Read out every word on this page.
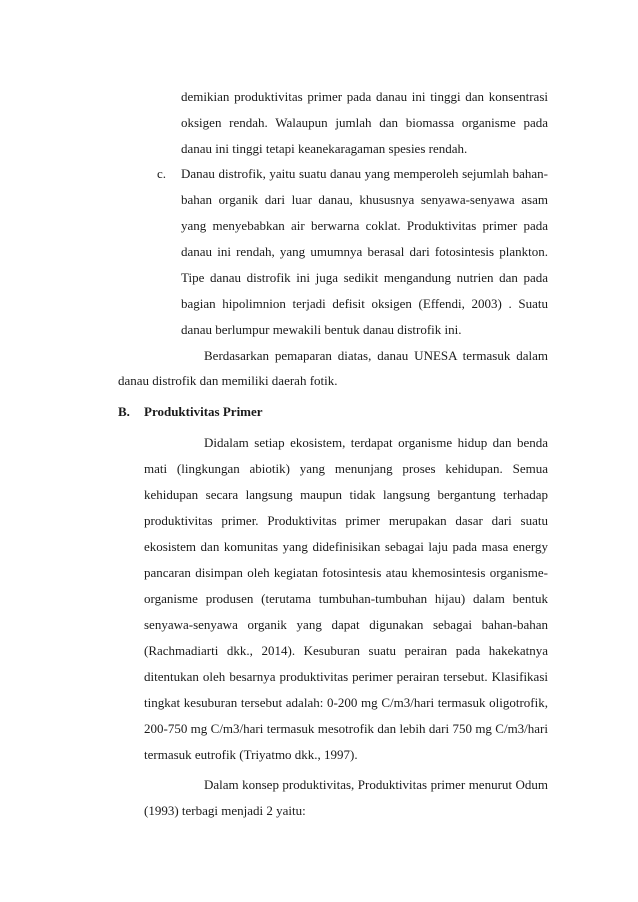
demikian produktivitas primer pada danau ini tinggi dan konsentrasi
oksigen rendah. Walaupun jumlah dan biomassa organisme pada
danau ini tinggi tetapi keanekaragaman spesies rendah.
c. Danau distrofik, yaitu suatu danau yang memperoleh sejumlah bahan-
bahan organik dari luar danau, khususnya senyawa-senyawa asam
yang menyebabkan air berwarna coklat. Produktivitas primer pada
danau ini rendah, yang umumnya berasal dari fotosintesis plankton.
Tipe danau distrofik ini juga sedikit mengandung nutrien dan pada
bagian hipolimnion terjadi defisit oksigen (Effendi, 2003) . Suatu
danau berlumpur mewakili bentuk danau distrofik ini.
Berdasarkan pemaparan diatas, danau UNESA termasuk dalam
danau distrofik dan memiliki daerah fotik.
B. Produktivitas Primer
Didalam setiap ekosistem, terdapat organisme hidup dan benda
mati (lingkungan abiotik) yang menunjang proses kehidupan. Semua
kehidupan secara langsung maupun tidak langsung bergantung terhadap
produktivitas primer. Produktivitas primer merupakan dasar dari suatu
ekosistem dan komunitas yang didefinisikan sebagai laju pada masa energy
pancaran disimpan oleh kegiatan fotosintesis atau khemosintesis organisme-
organisme produsen (terutama tumbuhan-tumbuhan hijau) dalam bentuk
senyawa-senyawa organik yang dapat digunakan sebagai bahan-bahan
(Rachmadiarti dkk., 2014). Kesuburan suatu perairan pada hakekatnya
ditentukan oleh besarnya produktivitas perimer perairan tersebut. Klasifikasi
tingkat kesuburan tersebut adalah: 0-200 mg C/m3/hari termasuk oligotrofik,
200-750 mg C/m3/hari termasuk mesotrofik dan lebih dari 750 mg C/m3/hari
termasuk eutrofik (Triyatmo dkk., 1997).
Dalam konsep produktivitas, Produktivitas primer menurut Odum
(1993) terbagi menjadi 2 yaitu:
